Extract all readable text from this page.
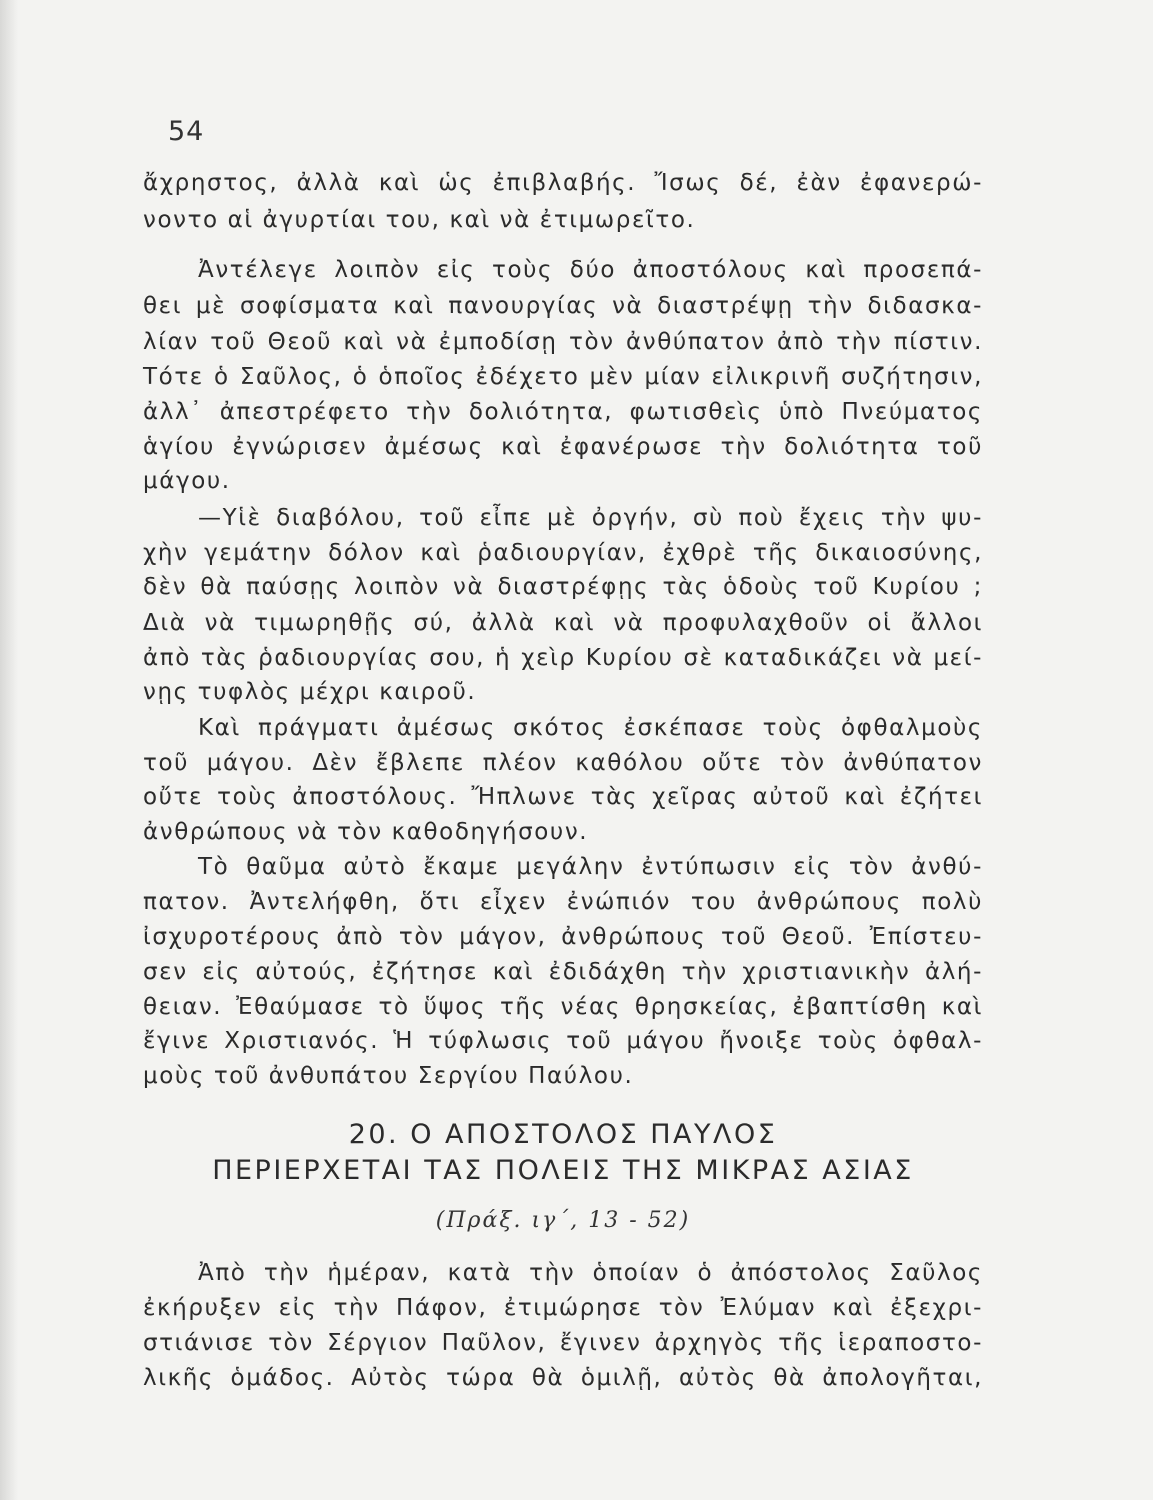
54
ἄχρηστος, ἀλλὰ καὶ ὡς ἐπιβλαβής. Ἴσως δέ, ἐὰν ἐφανερώ-
νοντο αἱ ἀγυρτίαι του, καὶ νὰ ἐτιμωρεῖτο.
Ἀντέλεγε λοιπὸν εἰς τοὺς δύο ἀποστόλους καὶ προσεπά-
θει μὲ σοφίσματα καὶ πανουργίας νὰ διαστρέψῃ τὴν διδασκα-
λίαν τοῦ Θεοῦ καὶ νὰ ἐμποδίσῃ τὸν ἀνθύπατον ἀπὸ τὴν πίστιν.
Τότε ὁ Σαῦλος, ὁ ὁποῖος ἐδέχετο μὲν μίαν εἰλικρινῆ συζήτησιν,
ἀλλ᾿ ἀπεστρέφετο τὴν δολιότητα, φωτισθεὶς ὑπὸ Πνεύματος
ἁγίου ἐγνώρισεν ἀμέσως καὶ ἐφανέρωσε τὴν δολιότητα τοῦ
μάγου.
—Υἱὲ διαβόλου, τοῦ εἶπε μὲ ὀργήν, σὺ ποὺ ἔχεις τὴν ψυ-
χὴν γεμάτην δόλον καὶ ῥαδιουργίαν, ἐχθρὲ τῆς δικαιοσύνης,
δὲν θὰ παύσῃς λοιπὸν νὰ διαστρέφῃς τὰς ὁδοὺς τοῦ Κυρίου ;
Διὰ νὰ τιμωρηθῇς σύ, ἀλλὰ καὶ νὰ προφυλαχθοῦν οἱ ἄλλοι
ἀπὸ τὰς ῥαδιουργίας σου, ἡ χεὶρ Κυρίου σὲ καταδικάζει νὰ μεί-
νῃς τυφλὸς μέχρι καιροῦ.
Καὶ πράγματι ἀμέσως σκότος ἐσκέπασε τοὺς ὀφθαλμοὺς
τοῦ μάγου. Δὲν ἔβλεπε πλέον καθόλου οὔτε τὸν ἀνθύπατον
οὔτε τοὺς ἀποστόλους. Ἤπλωνε τὰς χεῖρας αὐτοῦ καὶ ἐζήτει
ἀνθρώπους νὰ τὸν καθοδηγήσουν.
Τὸ θαῦμα αὐτὸ ἔκαμε μεγάλην ἐντύπωσιν εἰς τὸν ἀνθύ-
πατον. Ἀντελήφθη, ὅτι εἶχεν ἐνώπιόν του ἀνθρώπους πολὺ
ἰσχυροτέρους ἀπὸ τὸν μάγον, ἀνθρώπους τοῦ Θεοῦ. Ἐπίστευ-
σεν εἰς αὐτούς, ἐζήτησε καὶ ἐδιδάχθη τὴν χριστιανικὴν ἀλή-
θειαν. Ἐθαύμασε τὸ ὕψος τῆς νέας θρησκείας, ἐβαπτίσθη καὶ
ἔγινε Χριστιανός. Ἡ τύφλωσις τοῦ μάγου ἤνοιξε τοὺς ὀφθαλ-
μοὺς τοῦ ἀνθυπάτου Σεργίου Παύλου.
20. Ο ΑΠΟΣΤΟΛΟΣ ΠΑΥΛΟΣ
ΠΕΡΙΕΡΧΕΤΑΙ ΤΑΣ ΠΟΛΕΙΣ ΤΗΣ ΜΙΚΡΑΣ ΑΣΙΑΣ
(Πράξ. ιγ΄, 13 - 52)
Ἀπὸ τὴν ἡμέραν, κατὰ τὴν ὁποίαν ὁ ἀπόστολος Σαῦλος
ἐκήρυξεν εἰς τὴν Πάφον, ἐτιμώρησε τὸν Ἐλύμαν καὶ ἐξεχρι-
στιάνισε τὸν Σέργιον Παῦλον, ἔγινεν ἀρχηγὸς τῆς ἱεραποστο-
λικῆς ὁμάδος. Αὐτὸς τώρα θὰ ὁμιλῇ, αὐτὸς θὰ ἀπολογῆται,
